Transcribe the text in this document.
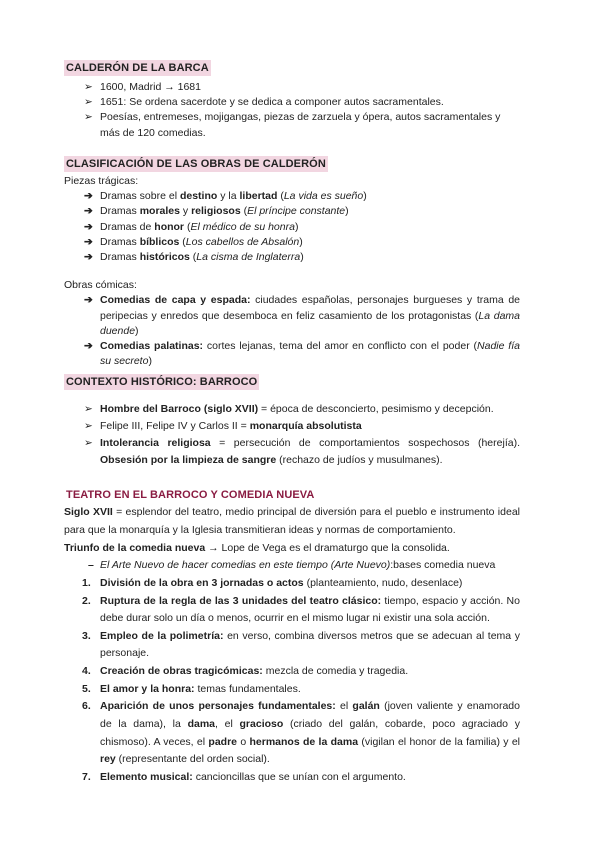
CALDERÓN DE LA BARCA
➢ 1600, Madrid → 1681
➢ 1651: Se ordena sacerdote y se dedica a componer autos sacramentales.
➢ Poesías, entremeses, mojigangas, piezas de zarzuela y ópera, autos sacramentales y más de 120 comedias.
CLASIFICACIÓN DE LAS OBRAS DE CALDERÓN

Piezas trágicas:

➔ Dramas sobre el destino y la libertad (La vida es sueño)
➔ Dramas morales y religiosos (El príncipe constante)
➔ Dramas de honor (El médico de su honra)
➔ Dramas bíblicos (Los cabellos de Absalón)
➔ Dramas históricos (La cisma de Inglaterra)

Obras cómicas:

➔ Comedias de capa y espada: ciudades españolas, personajes burgueses y trama de peripecias y enredos que desemboca en feliz casamiento de los protagonistas (La dama duende)
➔ Comedias palatinas: cortes lejanas, tema del amor en conflicto con el poder (Nadie fía su secreto)
CONTEXTO HISTÓRICO: BARROCO
➢ Hombre del Barroco (siglo XVII) = época de desconcierto, pesimismo y decepción.
➢ Felipe III, Felipe IV y Carlos II = monarquía absolutista
➢ Intolerancia religiosa = persecución de comportamientos sospechosos (herejía). Obsesión por la limpieza de sangre (rechazo de judíos y musulmanes).
TEATRO EN EL BARROCO Y COMEDIA NUEVA

Siglo XVII = esplendor del teatro, medio principal de diversión para el pueblo e instrumento ideal para que la monarquía y la Iglesia transmitieran ideas y normas de comportamiento.

Triunfo de la comedia nueva → Lope de Vega es el dramaturgo que la consolida.

– El Arte Nuevo de hacer comedias en este tiempo (Arte Nuevo):bases comedia nueva
1. División de la obra en 3 jornadas o actos (planteamiento, nudo, desenlace)
2. Ruptura de la regla de las 3 unidades del teatro clásico: tiempo, espacio y acción. No debe durar solo un día o menos, ocurrir en el mismo lugar ni existir una sola acción.
3. Empleo de la polimetría: en verso, combina diversos metros que se adecuan al tema y personaje.
4. Creación de obras tragicómicas: mezcla de comedia y tragedia.
5. El amor y la honra: temas fundamentales.
6. Aparición de unos personajes fundamentales: el galán (joven valiente y enamorado de la dama), la dama, el gracioso (criado del galán, cobarde, poco agraciado y chismoso). A veces, el padre o hermanos de la dama (vigilan el honor de la familia) y el rey (representante del orden social).
7. Elemento musical: cancioncillas que se unían con el argumento.
